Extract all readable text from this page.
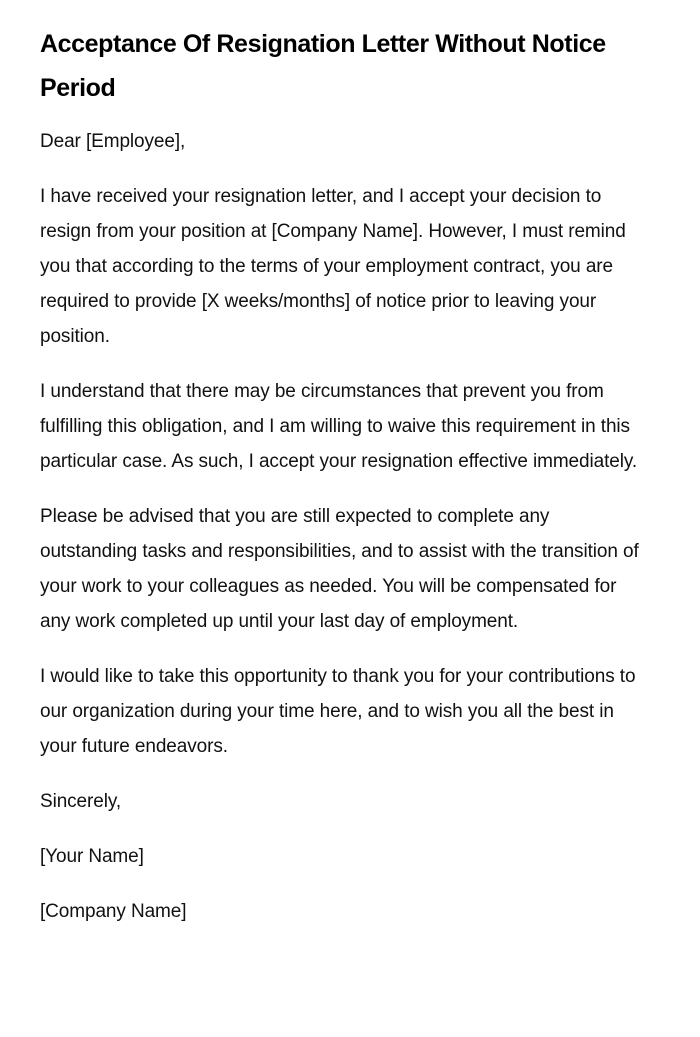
Acceptance Of Resignation Letter Without Notice Period

Dear [Employee],

I have received your resignation letter, and I accept your decision to resign from your position at [Company Name]. However, I must remind you that according to the terms of your employment contract, you are required to provide [X weeks/months] of notice prior to leaving your position.

I understand that there may be circumstances that prevent you from fulfilling this obligation, and I am willing to waive this requirement in this particular case. As such, I accept your resignation effective immediately.

Please be advised that you are still expected to complete any outstanding tasks and responsibilities, and to assist with the transition of your work to your colleagues as needed. You will be compensated for any work completed up until your last day of employment.

I would like to take this opportunity to thank you for your contributions to our organization during your time here, and to wish you all the best in your future endeavors.

Sincerely,

[Your Name]

[Company Name]
